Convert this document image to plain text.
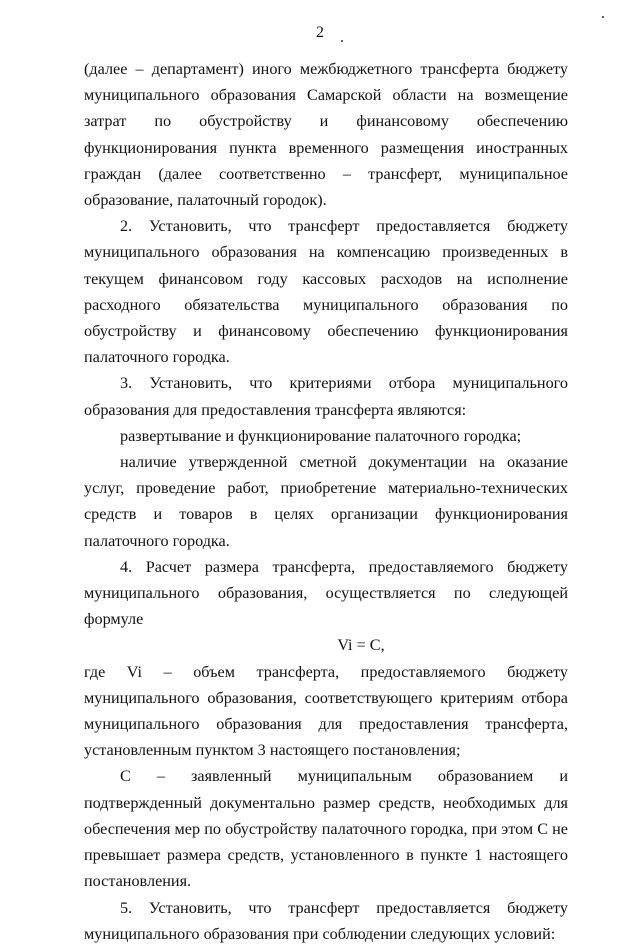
2

(далее – департамент) иного межбюджетного трансферта бюджету муниципального образования Самарской области на возмещение затрат по обустройству и финансовому обеспечению функционирования пункта временного размещения иностранных граждан (далее соответственно – трансферт, муниципальное образование, палаточный городок).

2. Установить, что трансферт предоставляется бюджету муниципального образования на компенсацию произведенных в текущем финансовом году кассовых расходов на исполнение расходного обязательства муниципального образования по обустройству и финансовому обеспечению функционирования палаточного городка.

3. Установить, что критериями отбора муниципального образования для предоставления трансферта являются:

развертывание и функционирование палаточного городка;

наличие утвержденной сметной документации на оказание услуг, проведение работ, приобретение материально-технических средств и товаров в целях организации функционирования палаточного городка.

4. Расчет размера трансферта, предоставляемого бюджету муниципального образования, осуществляется по следующей формуле

Vi = C,

где Vi – объем трансферта, предоставляемого бюджету муниципального образования, соответствующего критериям отбора муниципального образования для предоставления трансферта, установленным пунктом 3 настоящего постановления;

С – заявленный муниципальным образованием и подтвержденный документально размер средств, необходимых для обеспечения мер по обустройству палаточного городка, при этом С не превышает размера средств, установленного в пункте 1 настоящего постановления.

5. Установить, что трансферт предоставляется бюджету муниципального образования при соблюдении следующих условий:
